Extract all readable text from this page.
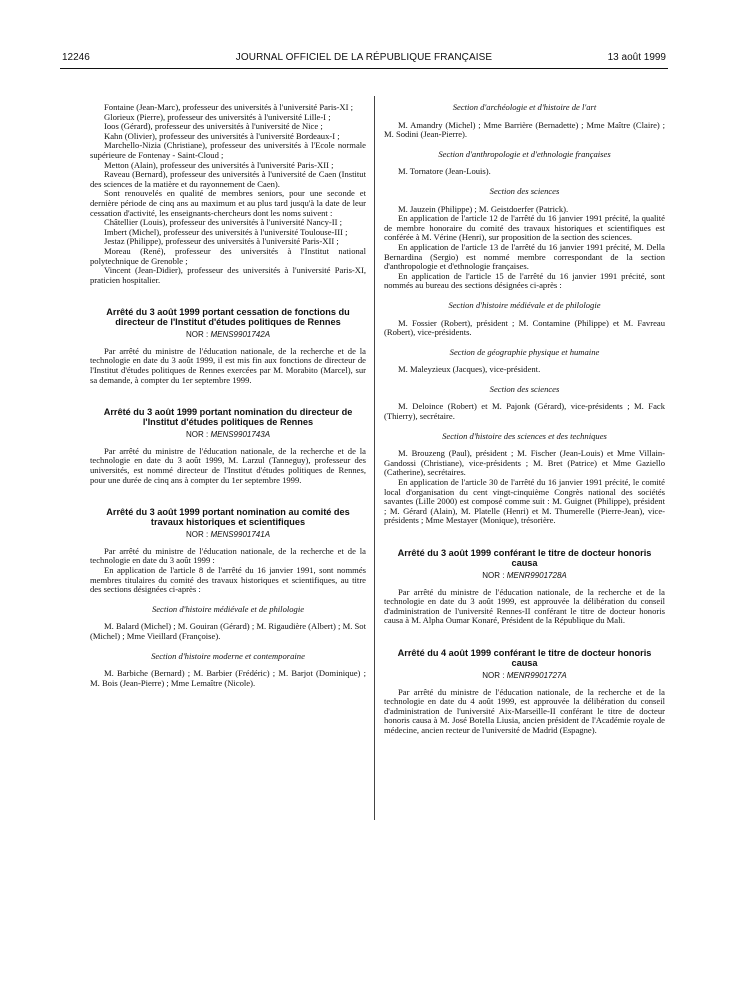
12246	JOURNAL OFFICIEL DE LA RÉPUBLIQUE FRANÇAISE	13 août 1999

Fontaine (Jean-Marc), professeur des universités à l'université Paris-XI ;

Glorieux (Pierre), professeur des universités à l'université Lille-I ;

Ioos (Gérard), professeur des universités à l'université de Nice ;

Kahn (Olivier), professeur des universités à l'université Bordeaux-I ;

Marchello-Nizia (Christiane), professeur des universités à l'Ecole normale supérieure de Fontenay - Saint-Cloud ;

Metton (Alain), professeur des universités à l'université Paris-XII ;

Raveau (Bernard), professeur des universités à l'université de Caen (Institut des sciences de la matière et du rayonnement de Caen).

Sont renouvelés en qualité de membres seniors, pour une seconde et dernière période de cinq ans au maximum et au plus tard jusqu'à la date de leur cessation d'activité, les enseignants-chercheurs dont les noms suivent :

Châtellier (Louis), professeur des universités à l'université Nancy-II ;

Imbert (Michel), professeur des universités à l'université Toulouse-III ;

Jestaz (Philippe), professeur des universités à l'université Paris-XII ;

Moreau (René), professeur des universités à l'Institut national polytechnique de Grenoble ;

Vincent (Jean-Didier), professeur des universités à l'université Paris-XI, praticien hospitalier.

Arrêté du 3 août 1999 portant cessation de fonctions du directeur de l'Institut d'études politiques de Rennes

NOR : MENS9901742A

Par arrêté du ministre de l'éducation nationale, de la recherche et de la technologie en date du 3 août 1999, il est mis fin aux fonctions de directeur de l'Institut d'études politiques de Rennes exercées par M. Morabito (Marcel), sur sa demande, à compter du 1er septembre 1999.

Arrêté du 3 août 1999 portant nomination du directeur de l'Institut d'études politiques de Rennes

NOR : MENS9901743A

Par arrêté du ministre de l'éducation nationale, de la recherche et de la technologie en date du 3 août 1999, M. Larzul (Tanneguy), professeur des universités, est nommé directeur de l'Institut d'études politiques de Rennes, pour une durée de cinq ans à compter du 1er septembre 1999.

Arrêté du 3 août 1999 portant nomination au comité des travaux historiques et scientifiques

NOR : MENS9901741A

Par arrêté du ministre de l'éducation nationale, de la recherche et de la technologie en date du 3 août 1999 :

En application de l'article 8 de l'arrêté du 16 janvier 1991, sont nommés membres titulaires du comité des travaux historiques et scientifiques, au titre des sections désignées ci-après :

Section d'histoire médiévale et de philologie

M. Balard (Michel) ; M. Gouiran (Gérard) ; M. Rigaudière (Albert) ; M. Sot (Michel) ; Mme Vieillard (Françoise).

Section d'histoire moderne et contemporaine

M. Barbiche (Bernard) ; M. Barbier (Frédéric) ; M. Barjot (Dominique) ; M. Bois (Jean-Pierre) ; Mme Lemaître (Nicole).

Section d'archéologie et d'histoire de l'art

M. Amandry (Michel) ; Mme Barrière (Bernadette) ; Mme Maître (Claire) ; M. Sodini (Jean-Pierre).

Section d'anthropologie et d'ethnologie françaises

M. Tornatore (Jean-Louis).

Section des sciences

M. Jauzein (Philippe) ; M. Geistdoerfer (Patrick).

En application de l'article 12 de l'arrêté du 16 janvier 1991 précité, la qualité de membre honoraire du comité des travaux historiques et scientifiques est conférée à M. Vérine (Henri), sur proposition de la section des sciences.

En application de l'article 13 de l'arrêté du 16 janvier 1991 précité, M. Della Bernardina (Sergio) est nommé membre correspondant de la section d'anthropologie et d'ethnologie françaises.

En application de l'article 15 de l'arrêté du 16 janvier 1991 précité, sont nommés au bureau des sections désignées ci-après :

Section d'histoire médiévale et de philologie

M. Fossier (Robert), président ; M. Contamine (Philippe) et M. Favreau (Robert), vice-présidents.

Section de géographie physique et humaine

M. Maleyzieux (Jacques), vice-président.

Section des sciences

M. Deloince (Robert) et M. Pajonk (Gérard), vice-présidents ; M. Fack (Thierry), secrétaire.

Section d'histoire des sciences et des techniques

M. Brouzeng (Paul), président ; M. Fischer (Jean-Louis) et Mme Villain-Gandossi (Christiane), vice-présidents ; M. Bret (Patrice) et Mme Gaziello (Catherine), secrétaires.

En application de l'article 30 de l'arrêté du 16 janvier 1991 précité, le comité local d'organisation du cent vingt-cinquième Congrès national des sociétés savantes (Lille 2000) est composé comme suit : M. Guignet (Philippe), président ; M. Gérard (Alain), M. Platelle (Henri) et M. Thumerelle (Pierre-Jean), vice-présidents ; Mme Mestayer (Monique), trésorière.

Arrêté du 3 août 1999 conférant le titre de docteur honoris causa

NOR : MENR9901728A

Par arrêté du ministre de l'éducation nationale, de la recherche et de la technologie en date du 3 août 1999, est approuvée la délibération du conseil d'administration de l'université Rennes-II conférant le titre de docteur honoris causa à M. Alpha Oumar Konaré, Président de la République du Mali.

Arrêté du 4 août 1999 conférant le titre de docteur honoris causa

NOR : MENR9901727A

Par arrêté du ministre de l'éducation nationale, de la recherche et de la technologie en date du 4 août 1999, est approuvée la délibération du conseil d'administration de l'université Aix-Marseille-II conférant le titre de docteur honoris causa à M. José Botella Liusia, ancien président de l'Académie royale de médecine, ancien recteur de l'université de Madrid (Espagne).
